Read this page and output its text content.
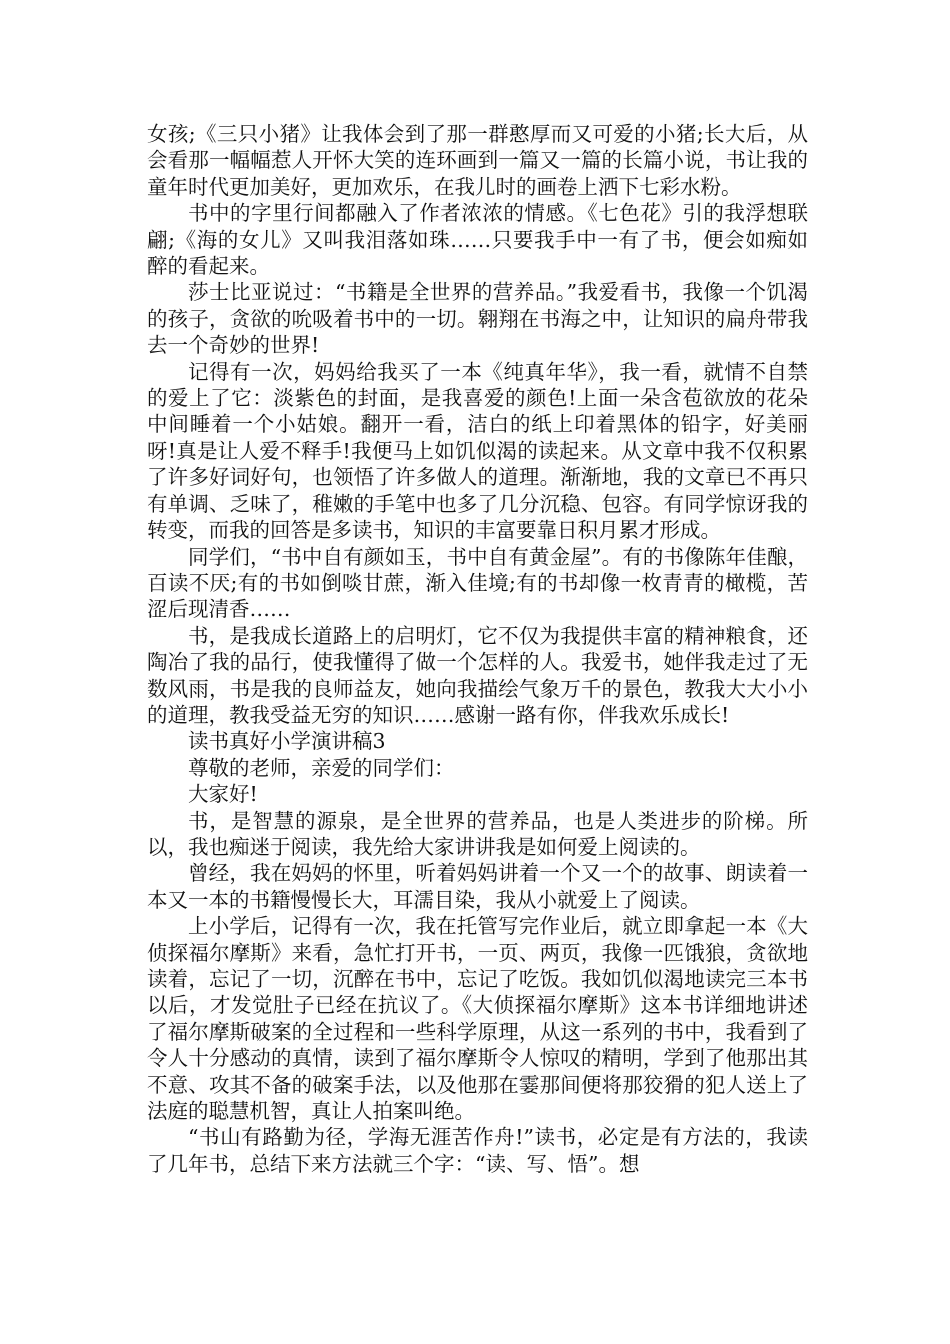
女孩;《三只小猪》让我体会到了那一群憨厚而又可爱的小猪;长大后，从会看那一幅幅惹人开怀大笑的连环画到一篇又一篇的长篇小说，书让我的童年时代更加美好，更加欢乐，在我儿时的画卷上洒下七彩水粉。

书中的字里行间都融入了作者浓浓的情感。《七色花》引的我浮想联翩;《海的女儿》又叫我泪落如珠……只要我手中一有了书，便会如痴如醉的看起来。

莎士比亚说过：“书籍是全世界的营养品。”我爱看书，我像一个饥渴的孩子，贪欲的吮吸着书中的一切。翱翔在书海之中，让知识的扁舟带我去一个奇妙的世界!

记得有一次，妈妈给我买了一本《纯真年华》，我一看，就情不自禁的爱上了它：淡紫色的封面，是我喜爱的颜色!上面一朵含苞欲放的花朵中间睡着一个小姑娘。翻开一看，洁白的纸上印着黑体的铅字，好美丽呀!真是让人爱不释手!我便马上如饥似渴的读起来。从文章中我不仅积累了许多好词好句，也领悟了许多做人的道理。渐渐地，我的文章已不再只有单调、乏味了，稚嫩的手笔中也多了几分沉稳、包容。有同学惊讶我的转变，而我的回答是多读书，知识的丰富要靠日积月累才形成。

同学们，“书中自有颜如玉，书中自有黄金屋”。有的书像陈年佳酿，百读不厌;有的书如倒啖甘蔗，渐入佳境;有的书却像一枚青青的橄榄，苦涩后现清香……

书，是我成长道路上的启明灯，它不仅为我提供丰富的精神粮食，还陶冶了我的品行，使我懂得了做一个怎样的人。我爱书，她伴我走过了无数风雨，书是我的良师益友，她向我描绘气象万千的景色，教我大大小小的道理，教我受益无穷的知识……感谢一路有你，伴我欢乐成长!

读书真好小学演讲稿3

尊敬的老师，亲爱的同学们：

大家好!

书，是智慧的源泉，是全世界的营养品，也是人类进步的阶梯。所以，我也痴迷于阅读，我先给大家讲讲我是如何爱上阅读的。

曾经，我在妈妈的怀里，听着妈妈讲着一个又一个的故事、朗读着一本又一本的书籍慢慢长大，耳濡目染，我从小就爱上了阅读。

上小学后，记得有一次，我在托管写完作业后，就立即拿起一本《大侦探福尔摩斯》来看，急忙打开书，一页、两页，我像一匹饿狼，贪欲地读着，忘记了一切，沉醉在书中，忘记了吃饭。我如饥似渴地读完三本书以后，才发觉肚子已经在抗议了。《大侦探福尔摩斯》这本书详细地讲述了福尔摩斯破案的全过程和一些科学原理，从这一系列的书中，我看到了令人十分感动的真情，读到了福尔摩斯令人惊叹的精明，学到了他那出其不意、攻其不备的破案手法，以及他那在霎那间便将那狡猾的犯人送上了法庭的聪慧机智，真让人拍案叫绝。

“书山有路勤为径，学海无涯苦作舟!”读书，必定是有方法的，我读了几年书，总结下来方法就三个字：“读、写、悟”。想
